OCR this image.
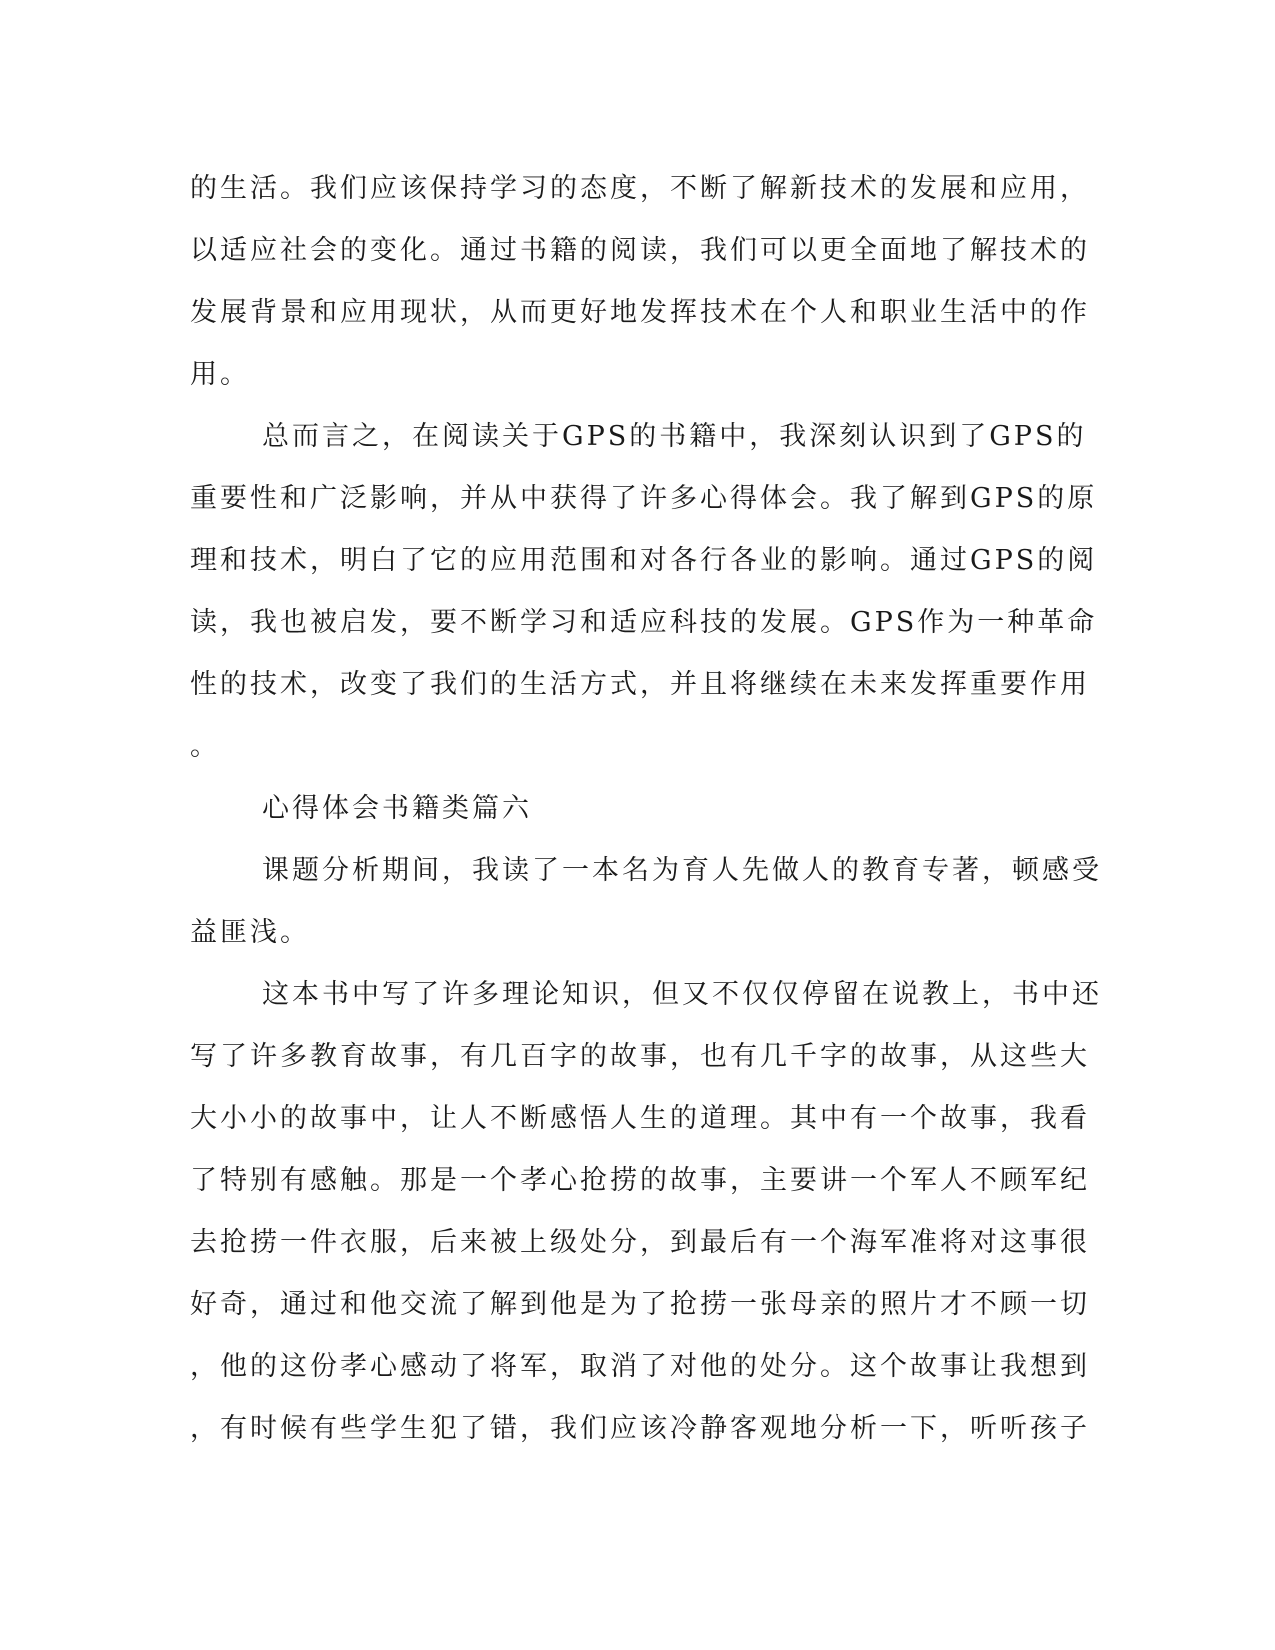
的生活。我们应该保持学习的态度，不断了解新技术的发展和应用，
以适应社会的变化。通过书籍的阅读，我们可以更全面地了解技术的
发展背景和应用现状，从而更好地发挥技术在个人和职业生活中的作
用。
总而言之，在阅读关于GPS的书籍中，我深刻认识到了GPS的
重要性和广泛影响，并从中获得了许多心得体会。我了解到GPS的原
理和技术，明白了它的应用范围和对各行各业的影响。通过GPS的阅
读，我也被启发，要不断学习和适应科技的发展。GPS作为一种革命
性的技术，改变了我们的生活方式，并且将继续在未来发挥重要作用
。
心得体会书籍类篇六
课题分析期间，我读了一本名为育人先做人的教育专著，顿感受
益匪浅。
这本书中写了许多理论知识，但又不仅仅停留在说教上，书中还
写了许多教育故事，有几百字的故事，也有几千字的故事，从这些大
大小小的故事中，让人不断感悟人生的道理。其中有一个故事，我看
了特别有感触。那是一个孝心抢捞的故事，主要讲一个军人不顾军纪
去抢捞一件衣服，后来被上级处分，到最后有一个海军准将对这事很
好奇，通过和他交流了解到他是为了抢捞一张母亲的照片才不顾一切
，他的这份孝心感动了将军，取消了对他的处分。这个故事让我想到
，有时候有些学生犯了错，我们应该冷静客观地分析一下，听听孩子
